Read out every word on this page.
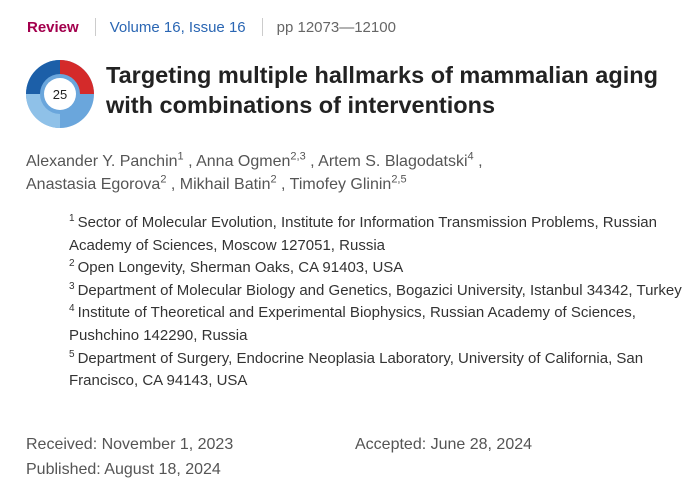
Review Volume 16, Issue 16 pp 12073—12100
25
Targeting multiple hallmarks of mammalian aging with combinations of interventions
Alexander Y. Panchin$^1$ , Anna Ogmen$^{2,3}$ , Artem S. Blagodatski$^4$ ,
Anastasia Egorova$^2$ , Mikhail Batin$^2$ , Timofey Glinin$^{2,5}$
$^1$ Sector of Molecular Evolution, Institute for Information Transmission Problems, Russian Academy of Sciences, Moscow 127051, Russia
$^2$ Open Longevity, Sherman Oaks, CA 91403, USA
$^3$ Department of Molecular Biology and Genetics, Bogazici University, Istanbul 34342, Turkey
$^4$ Institute of Theoretical and Experimental Biophysics, Russian Academy of Sciences, Pushchino 142290, Russia
$^5$ Department of Surgery, Endocrine Neoplasia Laboratory, University of California, San Francisco, CA 94143, USA
Received: November 1, 2023	Accepted: June 28, 2024
Published: August 18, 2024
